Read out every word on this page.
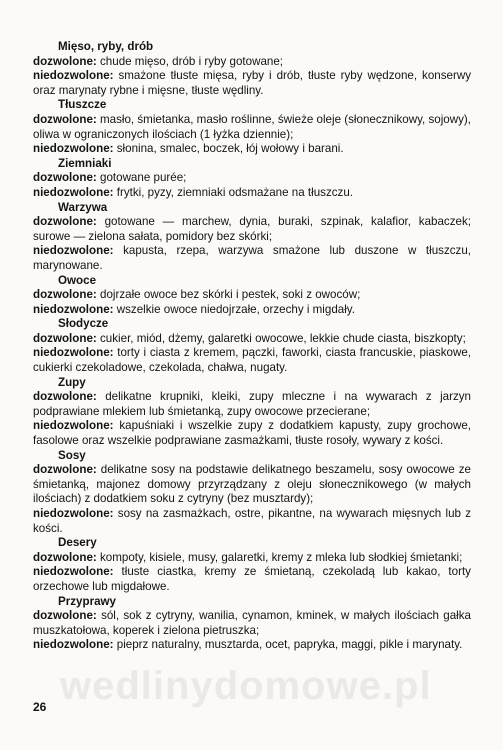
Mięso, ryby, drób
dozwolone: chude mięso, drób i ryby gotowane;
niedozwolone: smażone tłuste mięsa, ryby i drób, tłuste ryby wędzone, konserwy oraz marynaty rybne i mięsne, tłuste wędliny.
Tłuszcze
dozwolone: masło, śmietanka, masło roślinne, świeże oleje (słonecznikowy, sojowy), oliwa w ograniczonych ilościach (1 łyżka dziennie);
niedozwolone: słonina, smalec, boczek, łój wołowy i barani.
Ziemniaki
dozwolone: gotowane purée;
niedozwolone: frytki, pyzy, ziemniaki odsmażane na tłuszczu.
Warzywa
dozwolone: gotowane — marchew, dynia, buraki, szpinak, kalafior, kabaczek; surowe — zielona sałata, pomidory bez skórki;
niedozwolone: kapusta, rzepa, warzywa smażone lub duszone w tłuszczu, marynowane.
Owoce
dozwolone: dojrzałe owoce bez skórki i pestek, soki z owoców;
niedozwolone: wszelkie owoce niedojrzałe, orzechy i migdały.
Słodycze
dozwolone: cukier, miód, dżemy, galaretki owocowe, lekkie chude ciasta, biszkopty;
niedozwolone: torty i ciasta z kremem, pączki, faworki, ciasta francuskie, piaskowe, cukierki czekoladowe, czekolada, chałwa, nugaty.
Zupy
dozwolone: delikatne krupniki, kleiki, zupy mleczne i na wywarach z jarzyn podprawiane mlekiem lub śmietanką, zupy owocowe przecierane;
niedozwolone: kapuśniaki i wszelkie zupy z dodatkiem kapusty, zupy grochowe, fasolowe oraz wszelkie podprawiane zasmażkami, tłuste rosoły, wywary z kości.
Sosy
dozwolone: delikatne sosy na podstawie delikatnego beszamelu, sosy owocowe ze śmietanką, majonez domowy przyrządzany z oleju słonecznikowego (w małych ilościach) z dodatkiem soku z cytryny (bez musztardy);
niedozwolone: sosy na zasmażkach, ostre, pikantne, na wywarach mięsnych lub z kości.
Desery
dozwolone: kompoty, kisiele, musy, galaretki, kremy z mleka lub słodkiej śmietanki;
niedozwolone: tłuste ciastka, kremy ze śmietaną, czekoladą lub kakao, torty orzechowe lub migdałowe.
Przyprawy
dozwolone: sól, sok z cytryny, wanilia, cynamon, kminek, w małych ilościach gałka muszkatołowa, koperek i zielona pietruszka;
niedozwolone: pieprz naturalny, musztarda, ocet, papryka, maggi, pikle i marynaty.
wedlinydomowe.pl
26
